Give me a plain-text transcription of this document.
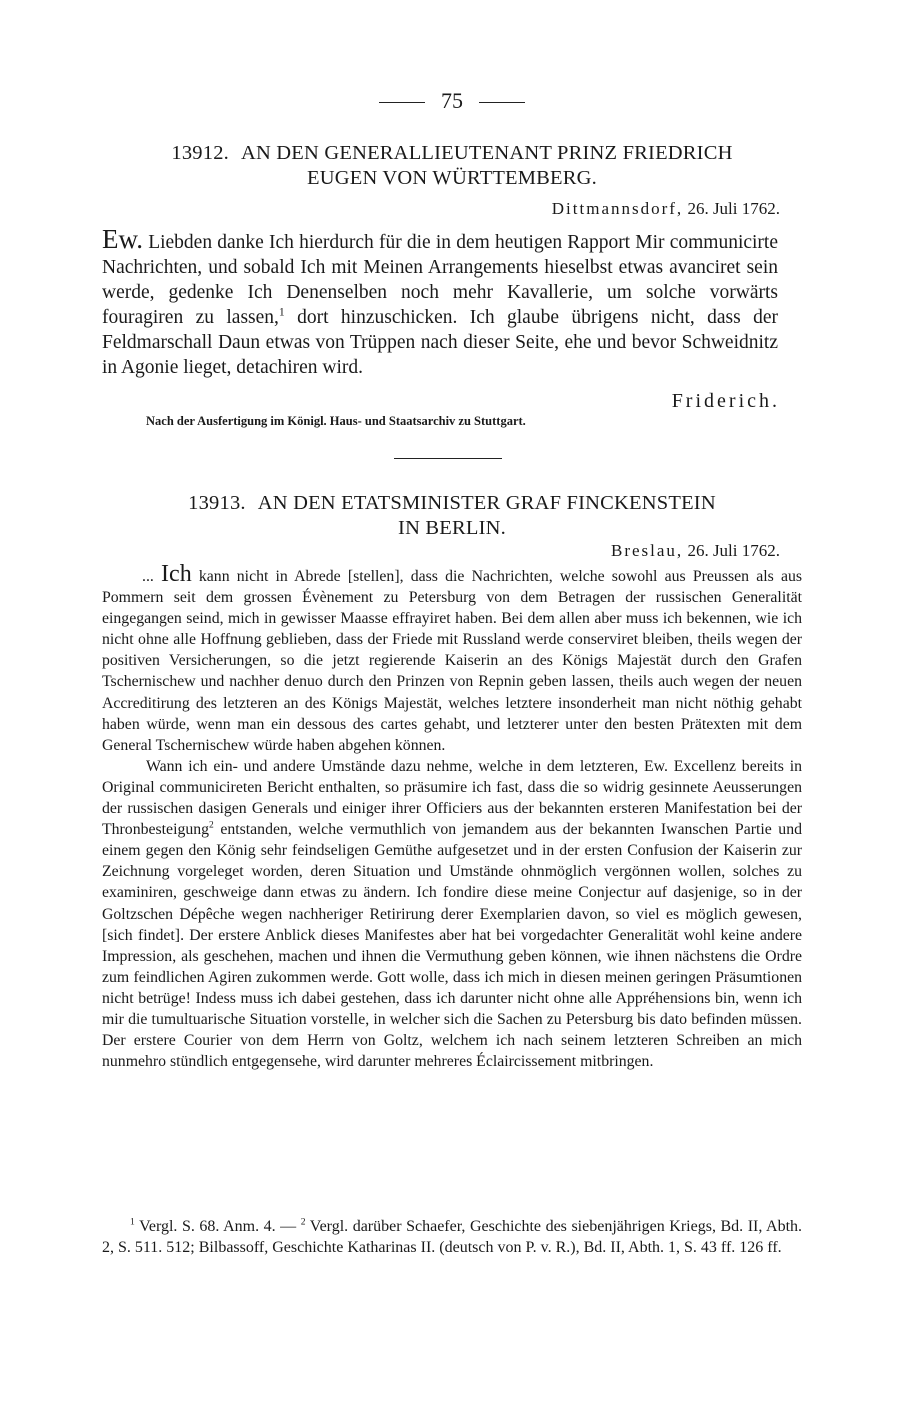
75
13912. AN DEN GENERALLIEUTENANT PRINZ FRIEDRICH
EUGEN VON WÜRTTEMBERG.
Dittmannsdorf, 26. Juli 1762.

Ew. Liebden danke Ich hierdurch für die in dem heutigen Rapport Mir communicirte Nachrichten, und sobald Ich mit Meinen Arrangements hieselbst etwas avanciret sein werde, gedenke Ich Denenselben noch mehr Kavallerie, um solche vorwärts fouragiren zu lassen,$^1$ dort hinzuschicken. Ich glaube übrigens nicht, dass der Feldmarschall Daun etwas von Trüppen nach dieser Seite, ehe und bevor Schweidnitz in Agonie lieget, detachiren wird.

Friderich.
Nach der Ausfertigung im Königl. Haus- und Staatsarchiv zu Stuttgart.
13913. AN DEN ETATSMINISTER GRAF FINCKENSTEIN
IN BERLIN.
Breslau, 26. Juli 1762.

... Ich kann nicht in Abrede [stellen], dass die Nachrichten, welche sowohl aus Preussen als aus Pommern seit dem grossen Évènement zu Petersburg von dem Betragen der russischen Generalität eingegangen seind, mich in gewisser Maasse effrayiret haben. Bei dem allen aber muss ich bekennen, wie ich nicht ohne alle Hoffnung geblieben, dass der Friede mit Russland werde conserviret bleiben, theils wegen der positiven Versicherungen, so die jetzt regierende Kaiserin an des Königs Majestät durch den Grafen Tschernischew und nachher denuo durch den Prinzen von Repnin geben lassen, theils auch wegen der neuen Accreditirung des letzteren an des Königs Majestät, welches letztere insonderheit man nicht nöthig gehabt haben würde, wenn man ein dessous des cartes gehabt, und letzterer unter den besten Prätexten mit dem General Tschernischew würde haben abgehen können.

Wann ich ein- und andere Umstände dazu nehme, welche in dem letzteren, Ew. Excellenz bereits in Original communicireten Bericht enthalten, so präsumire ich fast, dass die so widrig gesinnete Aeusserungen der russischen dasigen Generals und einiger ihrer Officiers aus der bekannten ersteren Manifestation bei der Thronbesteigung$^2$ entstanden, welche vermuthlich von jemandem aus der bekannten Iwanschen Partie und einem gegen den König sehr feindseligen Gemüthe aufgesetzet und in der ersten Confusion der Kaiserin zur Zeichnung vorgeleget worden, deren Situation und Umstände ohnmöglich vergönnen wollen, solches zu examiniren, geschweige dann etwas zu ändern. Ich fondire diese meine Conjectur auf dasjenige, so in der Goltzschen Dépêche wegen nachheriger Retirirung derer Exemplarien davon, so viel es möglich gewesen, [sich findet]. Der erstere Anblick dieses Manifestes aber hat bei vorgedachter Generalität wohl keine andere Impression, als geschehen, machen und ihnen die Vermuthung geben können, wie ihnen nächstens die Ordre zum feindlichen Agiren zukommen werde. Gott wolle, dass ich mich in diesen meinen geringen Präsumtionen nicht betrüge! Indess muss ich dabei gestehen, dass ich darunter nicht ohne alle Appréhensions bin, wenn ich mir die tumultuarische Situation vorstelle, in welcher sich die Sachen zu Petersburg bis dato befinden müssen. Der erstere Courier von dem Herrn von Goltz, welchem ich nach seinem letzteren Schreiben an mich nunmehro stündlich entgegensehe, wird darunter mehreres Éclaircissement mitbringen.

$^1$ Vergl. S. 68. Anm. 4. — $^2$ Vergl. darüber Schaefer, Geschichte des siebenjährigen Kriegs, Bd. II, Abth. 2, S. 511. 512; Bilbassoff, Geschichte Katharinas II. (deutsch von P. v. R.), Bd. II, Abth. 1, S. 43 ff. 126 ff.
